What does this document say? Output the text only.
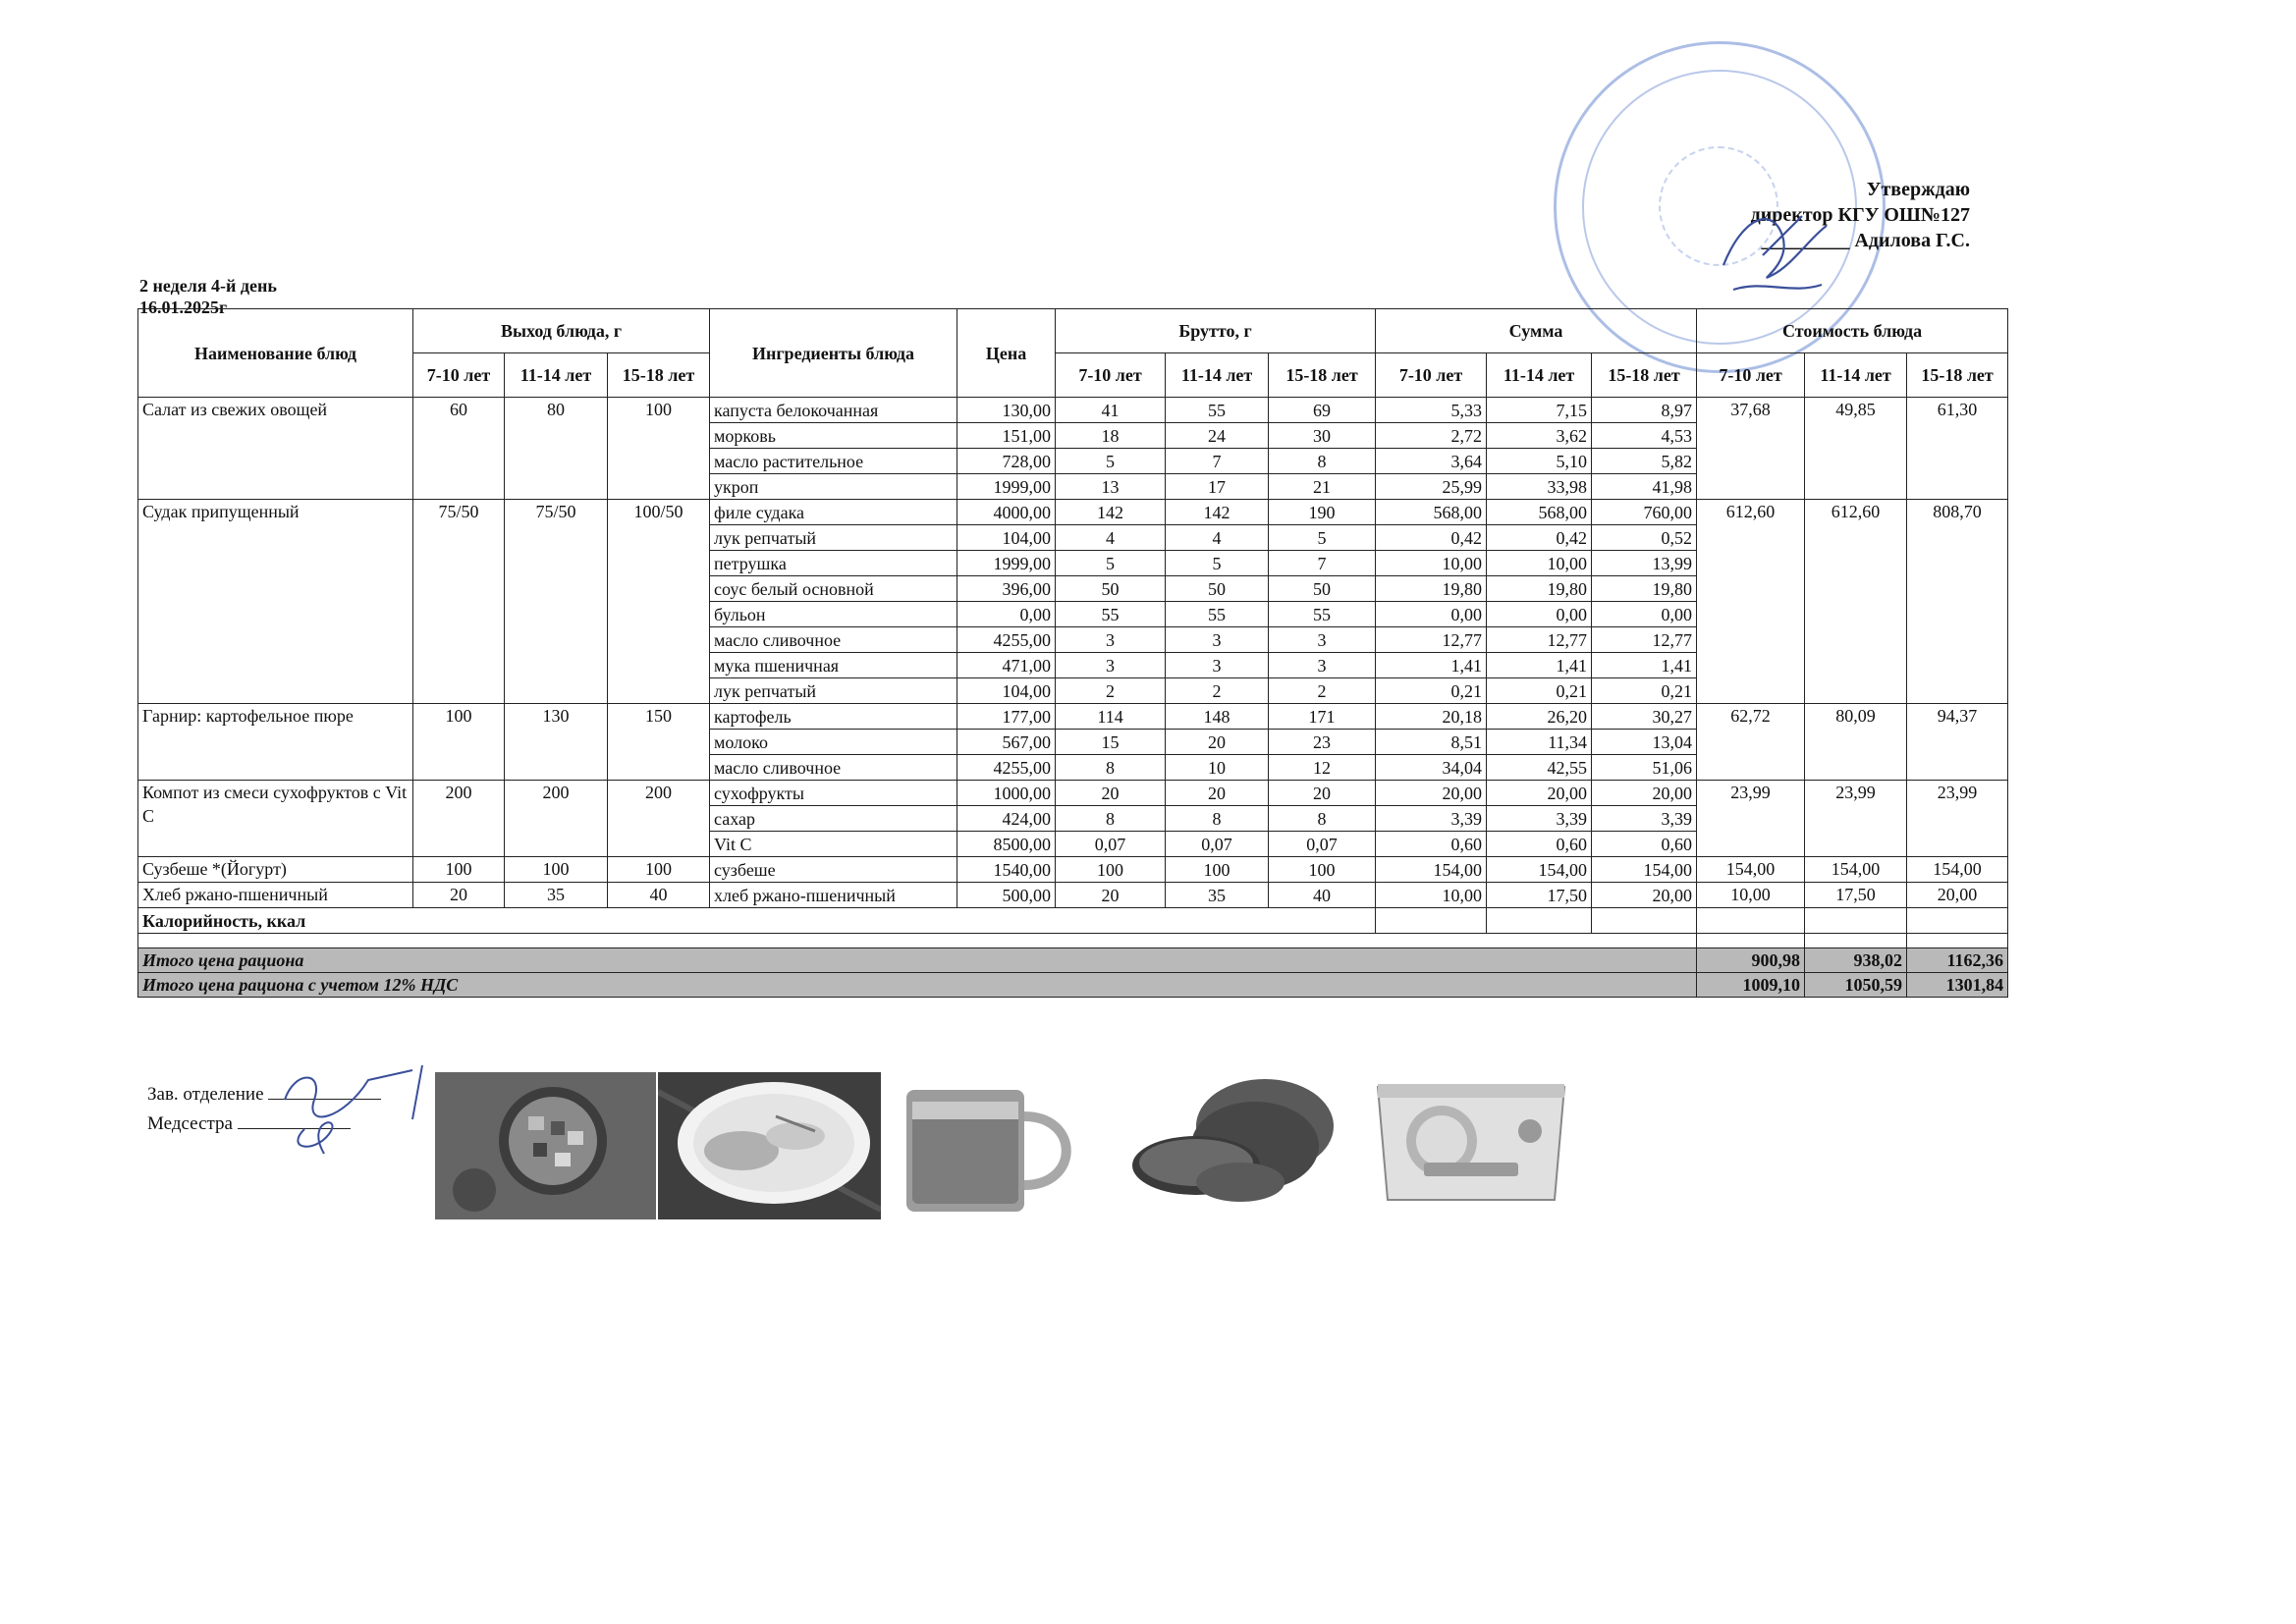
Утверждаю
директор КГУ ОШ№127
_________ Адилова Г.С.
2 неделя 4-й день
16.01.2025г
Наименование блюд	Выход блюда, г			Ингредиенты блюда	Цена	Брутто, г			Сумма			Стоимость блюда		
	7-10 лет	11-14 лет	15-18 лет			7-10 лет	11-14 лет	15-18 лет	7-10 лет	11-14 лет	15-18 лет	7-10 лет	11-14 лет	15-18 лет
Салат из свежих овощей	60	80	100	капуста белокочанная	130,00	41	55	69	5,33	7,15	8,97	37,68	49,85	61,30
				морковь	151,00	18	24	30	2,72	3,62	4,53			
				масло растительное	728,00	5	7	8	3,64	5,10	5,82			
				укроп	1999,00	13	17	21	25,99	33,98	41,98			
Судак припущенный	75/50	75/50	100/50	филе судака	4000,00	142	142	190	568,00	568,00	760,00	612,60	612,60	808,70
				лук репчатый	104,00	4	4	5	0,42	0,42	0,52			
				петрушка	1999,00	5	5	7	10,00	10,00	13,99			
				соус белый основной	396,00	50	50	50	19,80	19,80	19,80			
				бульон	0,00	55	55	55	0,00	0,00	0,00			
				масло сливочное	4255,00	3	3	3	12,77	12,77	12,77			
				мука пшеничная	471,00	3	3	3	1,41	1,41	1,41			
				лук репчатый	104,00	2	2	2	0,21	0,21	0,21			
Гарнир: картофельное пюре	100	130	150	картофель	177,00	114	148	171	20,18	26,20	30,27	62,72	80,09	94,37
				молоко	567,00	15	20	23	8,51	11,34	13,04			
				масло сливочное	4255,00	8	10	12	34,04	42,55	51,06			
Компот из смеси сухофруктов с Vit C	200	200	200	сухофрукты	1000,00	20	20	20	20,00	20,00	20,00	23,99	23,99	23,99
				сахар	424,00	8	8	8	3,39	3,39	3,39			
				Vit C	8500,00	0,07	0,07	0,07	0,60	0,60	0,60			
Сузбеше *(Йогурт)	100	100	100	сузбеше	1540,00	100	100	100	154,00	154,00	154,00	154,00	154,00	154,00
Хлеб ржано-пшеничный	20	35	40	хлеб ржано-пшеничный	500,00	20	35	40	10,00	17,50	20,00	10,00	17,50	20,00
Калорийность, ккал														

Итого цена рациона												900,98	938,02	1162,36
Итого цена рациона с учетом 12% НДС												1009,10	1050,59	1301,84
Зав. отделение
Медсестра
